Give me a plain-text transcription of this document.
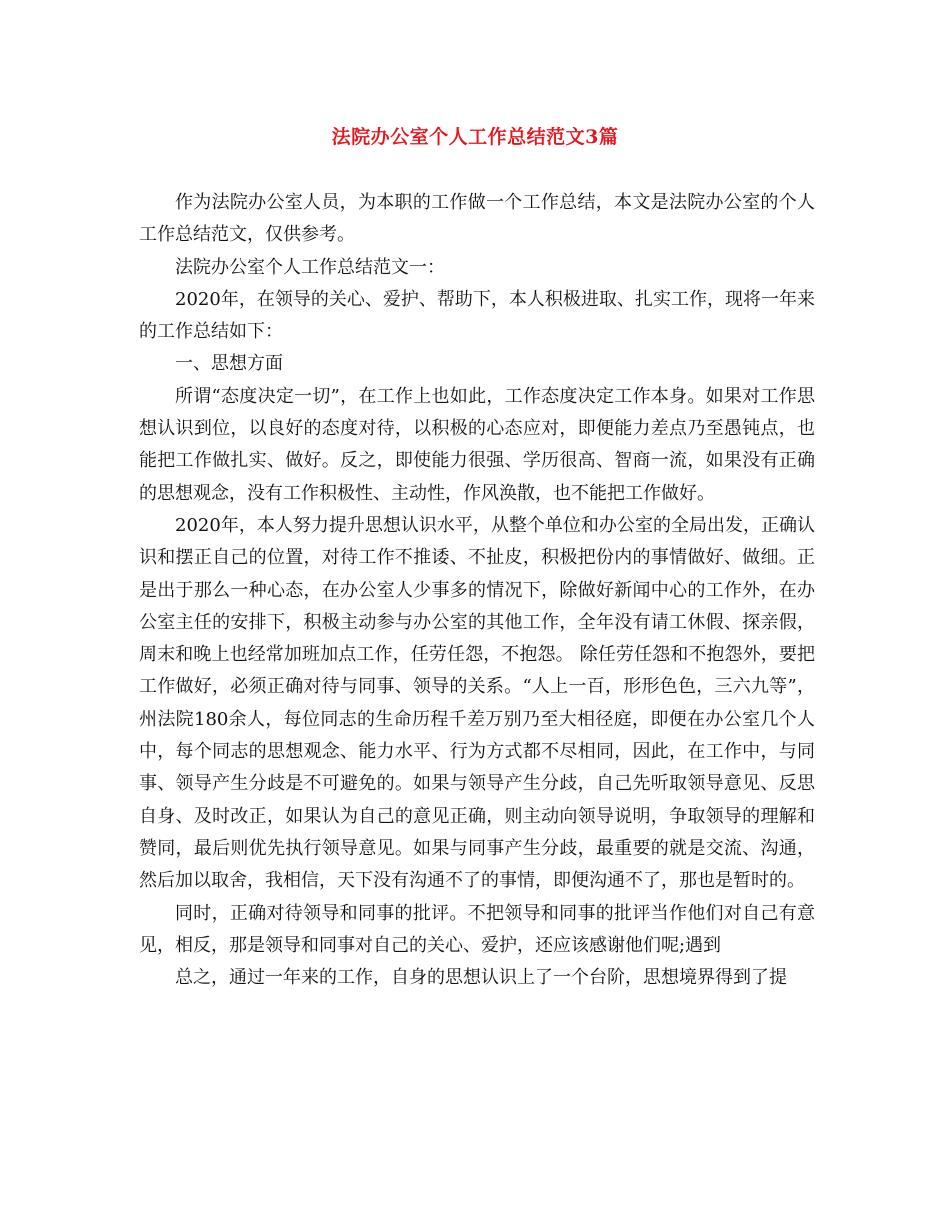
法院办公室个人工作总结范文3篇

作为法院办公室人员，为本职的工作做一个工作总结，本文是法院办公室的个人工作总结范文，仅供参考。

法院办公室个人工作总结范文一：

2020年，在领导的关心、爱护、帮助下，本人积极进取、扎实工作，现将一年来的工作总结如下：

一、思想方面

所谓“态度决定一切”，在工作上也如此，工作态度决定工作本身。如果对工作思想认识到位，以良好的态度对待，以积极的心态应对，即便能力差点乃至愚钝点，也能把工作做扎实、做好。反之，即使能力很强、学历很高、智商一流，如果没有正确的思想观念，没有工作积极性、主动性，作风涣散，也不能把工作做好。

2020年，本人努力提升思想认识水平，从整个单位和办公室的全局出发，正确认识和摆正自己的位置，对待工作不推诿、不扯皮，积极把份内的事情做好、做细。正是出于那么一种心态，在办公室人少事多的情况下，除做好新闻中心的工作外，在办公室主任的安排下，积极主动参与办公室的其他工作，全年没有请工休假、探亲假，周末和晚上也经常加班加点工作，任劳任怨，不抱怨。 除任劳任怨和不抱怨外，要把工作做好，必须正确对待与同事、领导的关系。“人上一百，形形色色，三六九等”，州法院180余人，每位同志的生命历程千差万别乃至大相径庭，即便在办公室几个人中，每个同志的思想观念、能力水平、行为方式都不尽相同，因此，在工作中，与同事、领导产生分歧是不可避免的。如果与领导产生分歧，自己先听取领导意见、反思自身、及时改正，如果认为自己的意见正确，则主动向领导说明，争取领导的理解和赞同，最后则优先执行领导意见。如果与同事产生分歧，最重要的就是交流、沟通，然后加以取舍，我相信，天下没有沟通不了的事情，即便沟通不了，那也是暂时的。

同时，正确对待领导和同事的批评。不把领导和同事的批评当作他们对自己有意见，相反，那是领导和同事对自己的关心、爱护，还应该感谢他们呢;遇到

总之，通过一年来的工作，自身的思想认识上了一个台阶，思想境界得到了提
